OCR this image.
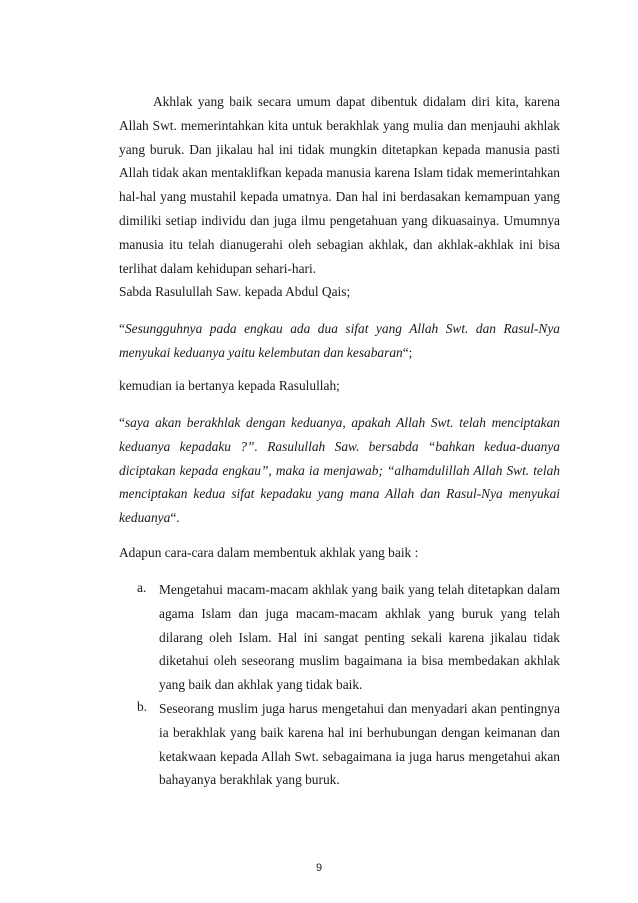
Akhlak yang baik secara umum dapat dibentuk didalam diri kita, karena

Allah Swt. memerintahkan kita untuk berakhlak yang mulia dan menjauhi akhlak

yang buruk. Dan jikalau hal ini tidak mungkin ditetapkan kepada manusia pasti

Allah tidak akan mentaklifkan kepada manusia karena Islam tidak memerintahkan

hal-hal yang mustahil kepada umatnya. Dan hal ini berdasakan kemampuan yang

dimiliki setiap individu dan juga ilmu pengetahuan yang dikuasainya. Umumnya

manusia itu telah dianugerahi oleh sebagian akhlak, dan akhlak-akhlak ini bisa

terlihat dalam kehidupan sehari-hari.

Sabda Rasulullah Saw. kepada Abdul Qais;

“Sesungguhnya pada engkau ada dua sifat yang Allah Swt. dan Rasul-Nya

menyukai keduanya yaitu kelembutan dan kesabaran“;

kemudian ia bertanya kepada Rasulullah;

“saya akan berakhlak dengan keduanya, apakah Allah Swt. telah menciptakan

keduanya kepadaku ?”. Rasulullah Saw. bersabda “bahkan kedua-duanya

diciptakan kepada engkau”, maka ia menjawab; “alhamdulillah Allah Swt. telah

menciptakan kedua sifat kepadaku yang mana Allah dan Rasul-Nya menyukai

keduanya“.

Adapun cara-cara dalam membentuk akhlak yang baik :

a. Mengetahui macam-macam akhlak yang baik yang telah ditetapkan dalam

agama Islam dan juga macam-macam akhlak yang buruk yang telah

dilarang oleh Islam. Hal ini sangat penting sekali karena jikalau tidak

diketahui oleh seseorang muslim bagaimana ia bisa membedakan akhlak

yang baik dan akhlak yang tidak baik.

b. Seseorang muslim juga harus mengetahui dan menyadari akan pentingnya

ia berakhlak yang baik karena hal ini berhubungan dengan keimanan dan

ketakwaan kepada Allah Swt. sebagaimana ia juga harus mengetahui akan

bahayanya berakhlak yang buruk.

9
